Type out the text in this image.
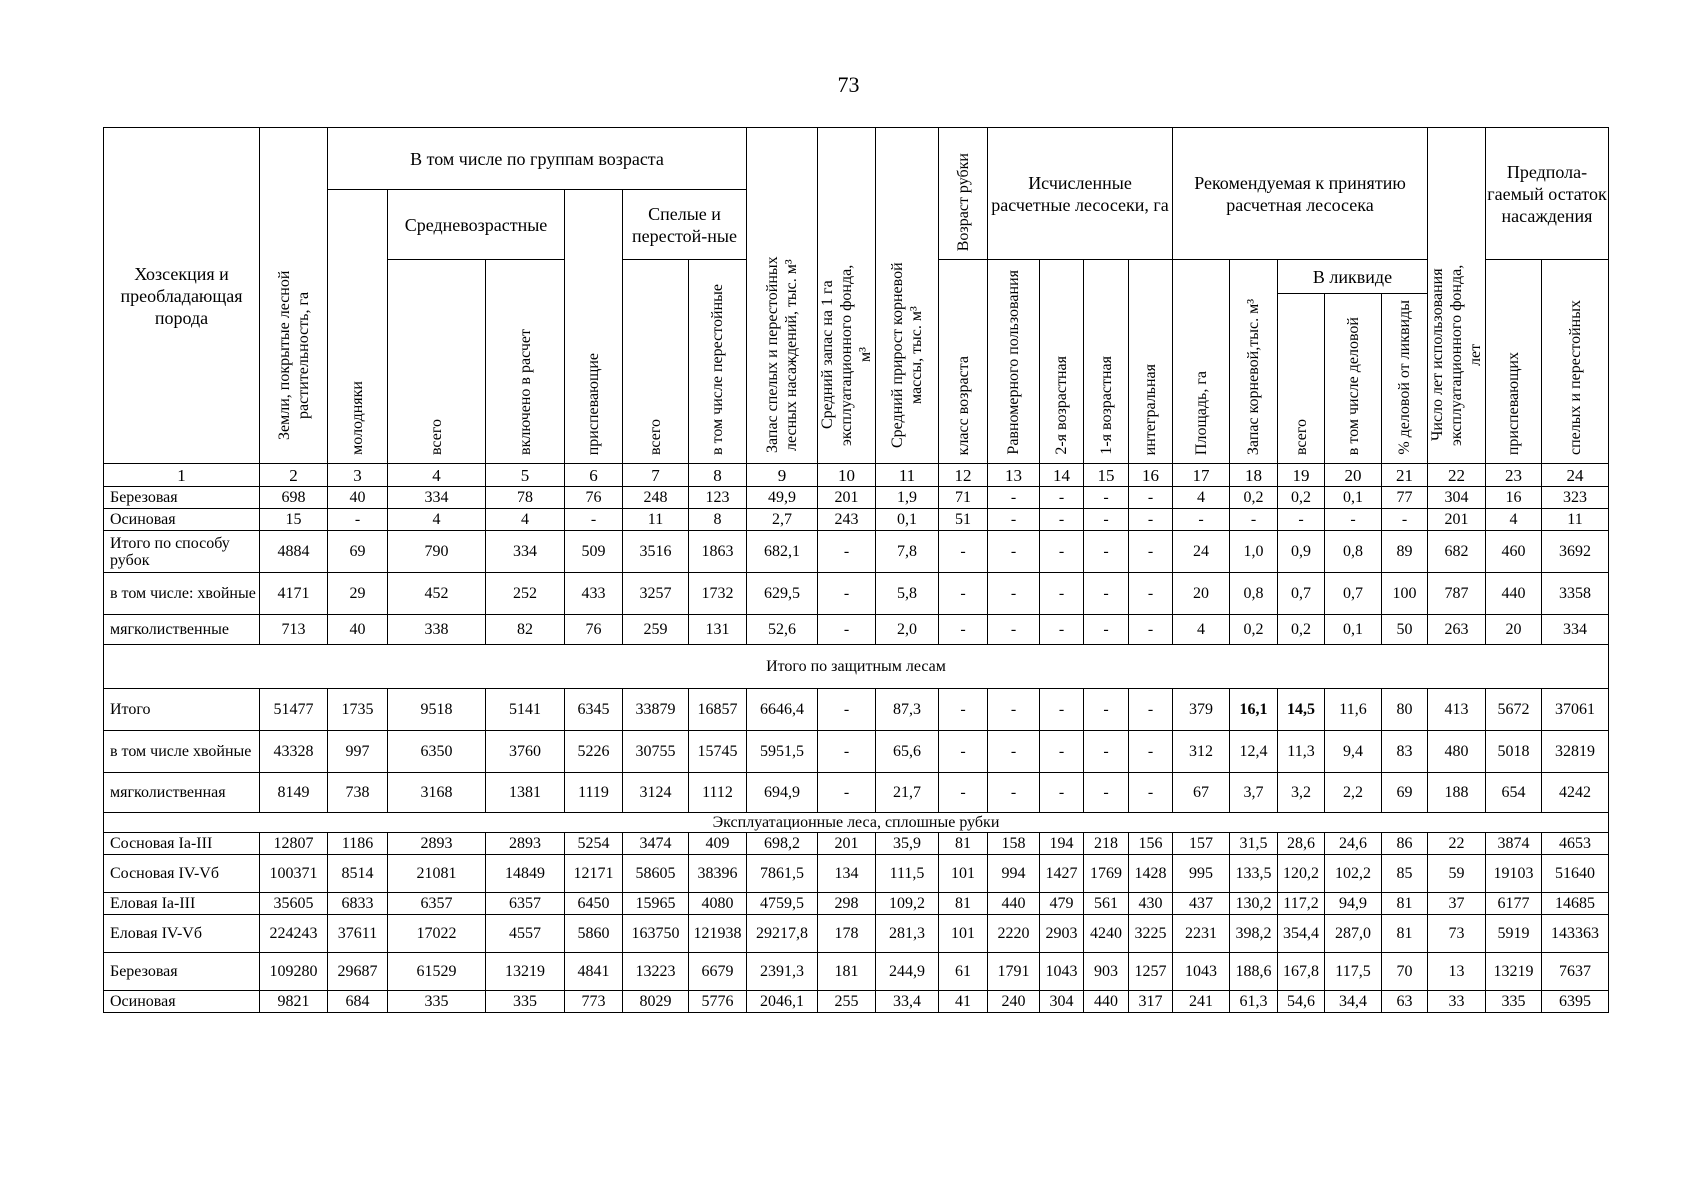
73
Хозсекция и преобладающая порода	Земли, покрытые лесной растительность, га	В том числе по группам возраста						Запас спелых и перестойных лесных насаждений, тыс. м³	Средний запас на 1 га эксплуатационного фонда, м³	Средний прирост корневой массы, тыс. м³	Возраст рубки	Исчисленные расчетные лесосеки, га				Рекомендуемая к принятию расчетная лесосека					Число лет использования эксплуатационного фонда, лет	Предпола-гаемый остаток насаждения	
		молодняки	Средневозрастные		приспевающие	Спелые и перестой-ные																	
			всего	включено в расчет		всего	в том числе перестойные				класс возраста	Равномерного пользования	2-я возрастная	1-я возрастная	интегральная	Площадь, га	Запас корневой,тыс. м³	В ликвиде				приспевающих	спелых и перестойных
																		всего	в том числе деловой	% деловой от ликвиды			
1	2	3	4	5	6	7	8	9	10	11	12	13	14	15	16	17	18	19	20	21	22	23	24
Березовая	698	40	334	78	76	248	123	49,9	201	1,9	71	-	-	-	-	4	0,2	0,2	0,1	77	304	16	323
Осиновая	15	-	4	4	-	11	8	2,7	243	0,1	51	-	-	-	-	-	-	-	-	-	201	4	11
Итого по способу рубок	4884	69	790	334	509	3516	1863	682,1	-	7,8	-	-	-	-	-	24	1,0	0,9	0,8	89	682	460	3692
в том числе: хвойные	4171	29	452	252	433	3257	1732	629,5	-	5,8	-	-	-	-	-	20	0,8	0,7	0,7	100	787	440	3358
мягколиственные	713	40	338	82	76	259	131	52,6	-	2,0	-	-	-	-	-	4	0,2	0,2	0,1	50	263	20	334
Итого по защитным лесам																							
Итого	51477	1735	9518	5141	6345	33879	16857	6646,4	-	87,3	-	-	-	-	-	379	16,1	14,5	11,6	80	413	5672	37061
в том числе хвойные	43328	997	6350	3760	5226	30755	15745	5951,5	-	65,6	-	-	-	-	-	312	12,4	11,3	9,4	83	480	5018	32819
мягколиственная	8149	738	3168	1381	1119	3124	1112	694,9	-	21,7	-	-	-	-	-	67	3,7	3,2	2,2	69	188	654	4242
Эксплуатационные леса, сплошные рубки																							
Сосновая Ia-III	12807	1186	2893	2893	5254	3474	409	698,2	201	35,9	81	158	194	218	156	157	31,5	28,6	24,6	86	22	3874	4653
Сосновая IV-Vб	100371	8514	21081	14849	12171	58605	38396	7861,5	134	111,5	101	994	1427	1769	1428	995	133,5	120,2	102,2	85	59	19103	51640
Еловая Ia-III	35605	6833	6357	6357	6450	15965	4080	4759,5	298	109,2	81	440	479	561	430	437	130,2	117,2	94,9	81	37	6177	14685
Еловая IV-Vб	224243	37611	17022	4557	5860	163750	121938	29217,8	178	281,3	101	2220	2903	4240	3225	2231	398,2	354,4	287,0	81	73	5919	143363
Березовая	109280	29687	61529	13219	4841	13223	6679	2391,3	181	244,9	61	1791	1043	903	1257	1043	188,6	167,8	117,5	70	13	13219	7637
Осиновая	9821	684	335	335	773	8029	5776	2046,1	255	33,4	41	240	304	440	317	241	61,3	54,6	34,4	63	33	335	6395
